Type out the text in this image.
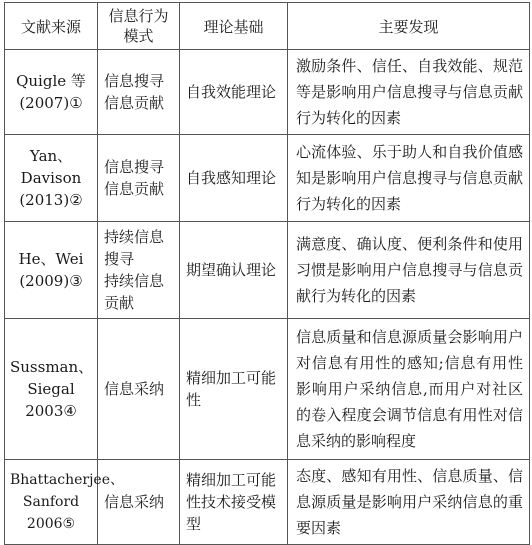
文献来源	信息行为模式	理论基础	主要发现

Quigle 等
(2007)①	信息搜寻
信息贡献	自我效能理论	激励条件、信任、自我效能、规范等是影响用户信息搜寻与信息贡献行为转化的因素

Yan、
Davison
(2013)②	信息搜寻
信息贡献	自我感知理论	心流体验、乐于助人和自我价值感知是影响用户信息搜寻与信息贡献行为转化的因素

He、Wei
(2009)③	持续信息
搜寻
持续信息
贡献	期望确认理论	满意度、确认度、便利条件和使用习惯是影响用户信息搜寻与信息贡献行为转化的因素

Sussman、
Siegal 2003④	信息采纳	精细加工可能性	信息质量和信息源质量会影响用户对信息有用性的感知;信息有用性影响用户采纳信息,而用户对社区的卷入程度会调节信息有用性对信息采纳的影响程度

Bhattacherjee、
Sanford
2006⑤	信息采纳	精细加工可能性技术接受模型	态度、感知有用性、信息质量、信息源质量是影响用户采纳信息的重要因素
